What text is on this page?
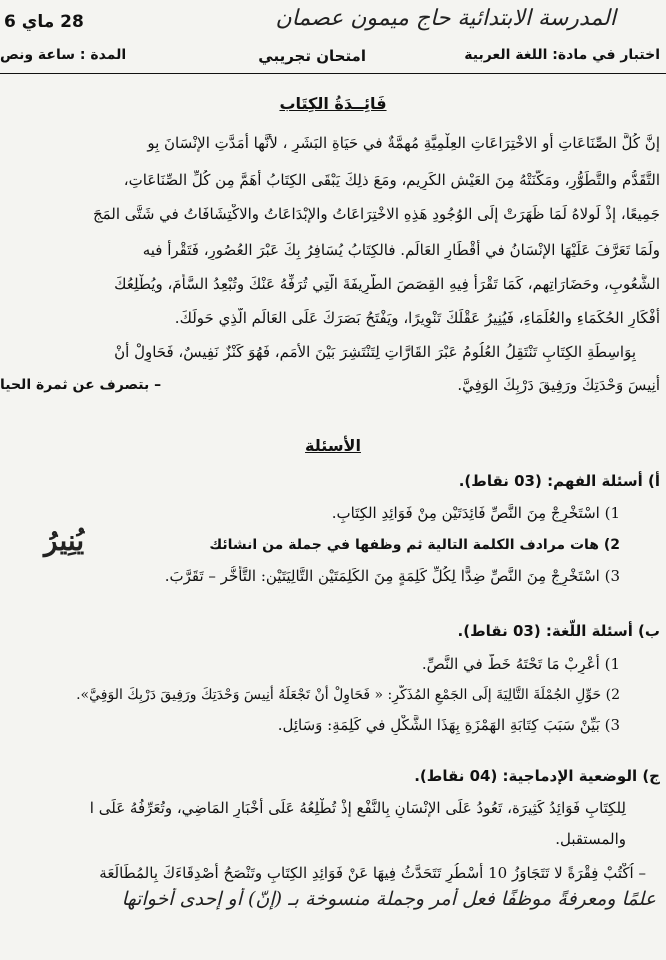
المدرسة الابتدائية حاج ميمون عصمان
28 ماي 6
اختبار في مادة: اللغة العربية
امتحان تجريبي
المدة : ساعة ونص
فَائِــدَةُ الكِتَاب
إنَّ كُلَّ الصِّنَاعَاتِ أو الاخْتِرَاعَاتِ العِلْمِيَّةِ مُهِمَّةٌ في حَيَاةِ البَشَرِ ، لأَنَّها أمَدَّتِ الإنْسَانَ بِو
التَّقَدُّمِ والتَّطَوُّرِ، ومَكَّنَتْهُ مِنَ العَيْشِ الكَرِيمِ، ومَعَ ذلِكَ يَبْقَى الكِتَابُ أهَمَّ مِن كُلِّ الصِّنَاعَاتِ،
جَمِيعًا، إذْ لَولاهُ لَمَا ظَهَرَتْ إلَى الوُجُودِ هَذِهِ الاخْتِرَاعَاتُ والإبْدَاعَاتُ والاكْتِشَافَاتُ في شَتَّى المَجَ
ولَمَا تَعَرَّفَ عَلَيْهَا الإنْسَانُ في أقْطَارِ العَالَمِ. فالكِتَابُ يُسَافِرُ بِكَ عَبْرَ العُصُورِ، فَتَقْرأُ فيه
الشُّعُوبِ، وحَضَارَاتِهِم، كَمَا تَقْرَأُ فِيهِ القِصَصَ الطَّرِيفَةَ الّتِي تُرَفِّهُ عَنْكَ وتُبْعِدُ السَّأمَ، ويُطْلِعُكَ
أفْكَارِ الحُكَمَاءِ والعُلَمَاءِ، فَيُنِيرُ عَقْلَكَ تَنْوِيرًا، ويَفْتَحُ بَصَرَكَ عَلَى العَالَمِ الَّذِي حَولَكَ.
بِوَاسِطَةِ الكِتَابِ تَنْتَقِلُ العُلُومُ عَبْرَ القَارَّاتِ لِتَنْتَشِرَ بَيْنَ الأُمَمِ، فَهُوَ كَنْزٌ نَفِيسٌ، فَحَاوِلْ أنْ
أنِيسَ وَحْدَتِكَ ورَفِيقَ دَرْبِكَ الوَفِيَّ.
– بتصرف عن ثمرة الحيا
الأسئلة
أ) أسئلة الفهم: (03 نقاط).
1) اسْتَخْرِجْ مِنَ النَّصِّ فَائِدَتَيْنِ مِنْ فَوَائِدِ الكِتَابِ.
2) هات مرادف الكلمة التالية ثم وظفها في جملة من انشائك
يُنِيرُ
3) اسْتَخْرِجْ مِنَ النَّصِّ ضِدًّا لِكُلِّ كَلِمَةٍ مِنَ الكَلِمَتَيْنِ التَّالِيَتَيْنِ: التَّأَخُّر – تَقَرَّبَ.
ب) أسئلة اللّغة: (03 نقاط).
1) أَعْرِبْ مَا تَحْتَهُ خَطٌّ في النَّصِّ.
2) حَوِّلِ الجُمْلَةَ التَّالِيَةَ إلَى الجَمْعِ المُذَكَّرِ: « فَحَاوِلْ أنْ تَجْعَلَهُ أنِيسَ وَحْدَتِكَ ورَفِيقَ دَرْبِكَ الوَفِيَّ».
3) بَيِّنْ سَبَبَ كِتَابَةِ الهَمْزَةِ بِهَذَا الشَّكْلِ في كَلِمَةِ: وَسَائِل.
ج) الوضعية الإدماجية: (04 نقاط).
لِلكِتَابِ فَوَائِدُ كَثِيرَة، تَعُودُ عَلَى الإنْسَانِ بِالنَّفْعِ إذْ تُطْلِعُهُ عَلَى أخْبَارِ المَاضِي، وتُعَرِّفُهُ عَلَى ا
والمستقبل.
– اُكْتُبْ فِقْرَةً لا تَتَجَاوَزُ 10 أسْطُرٍ تَتَحَدَّثُ فِيهَا عَنْ فَوَائِدِ الكِتَابِ وتَنْصَحُ أصْدِقَاءَكَ بِالمُطَالَعَة
علمًا ومعرفةً موظفًا فعل أمر وجملة منسوخة بـ (إنّ) أو إحدى أخواتها
